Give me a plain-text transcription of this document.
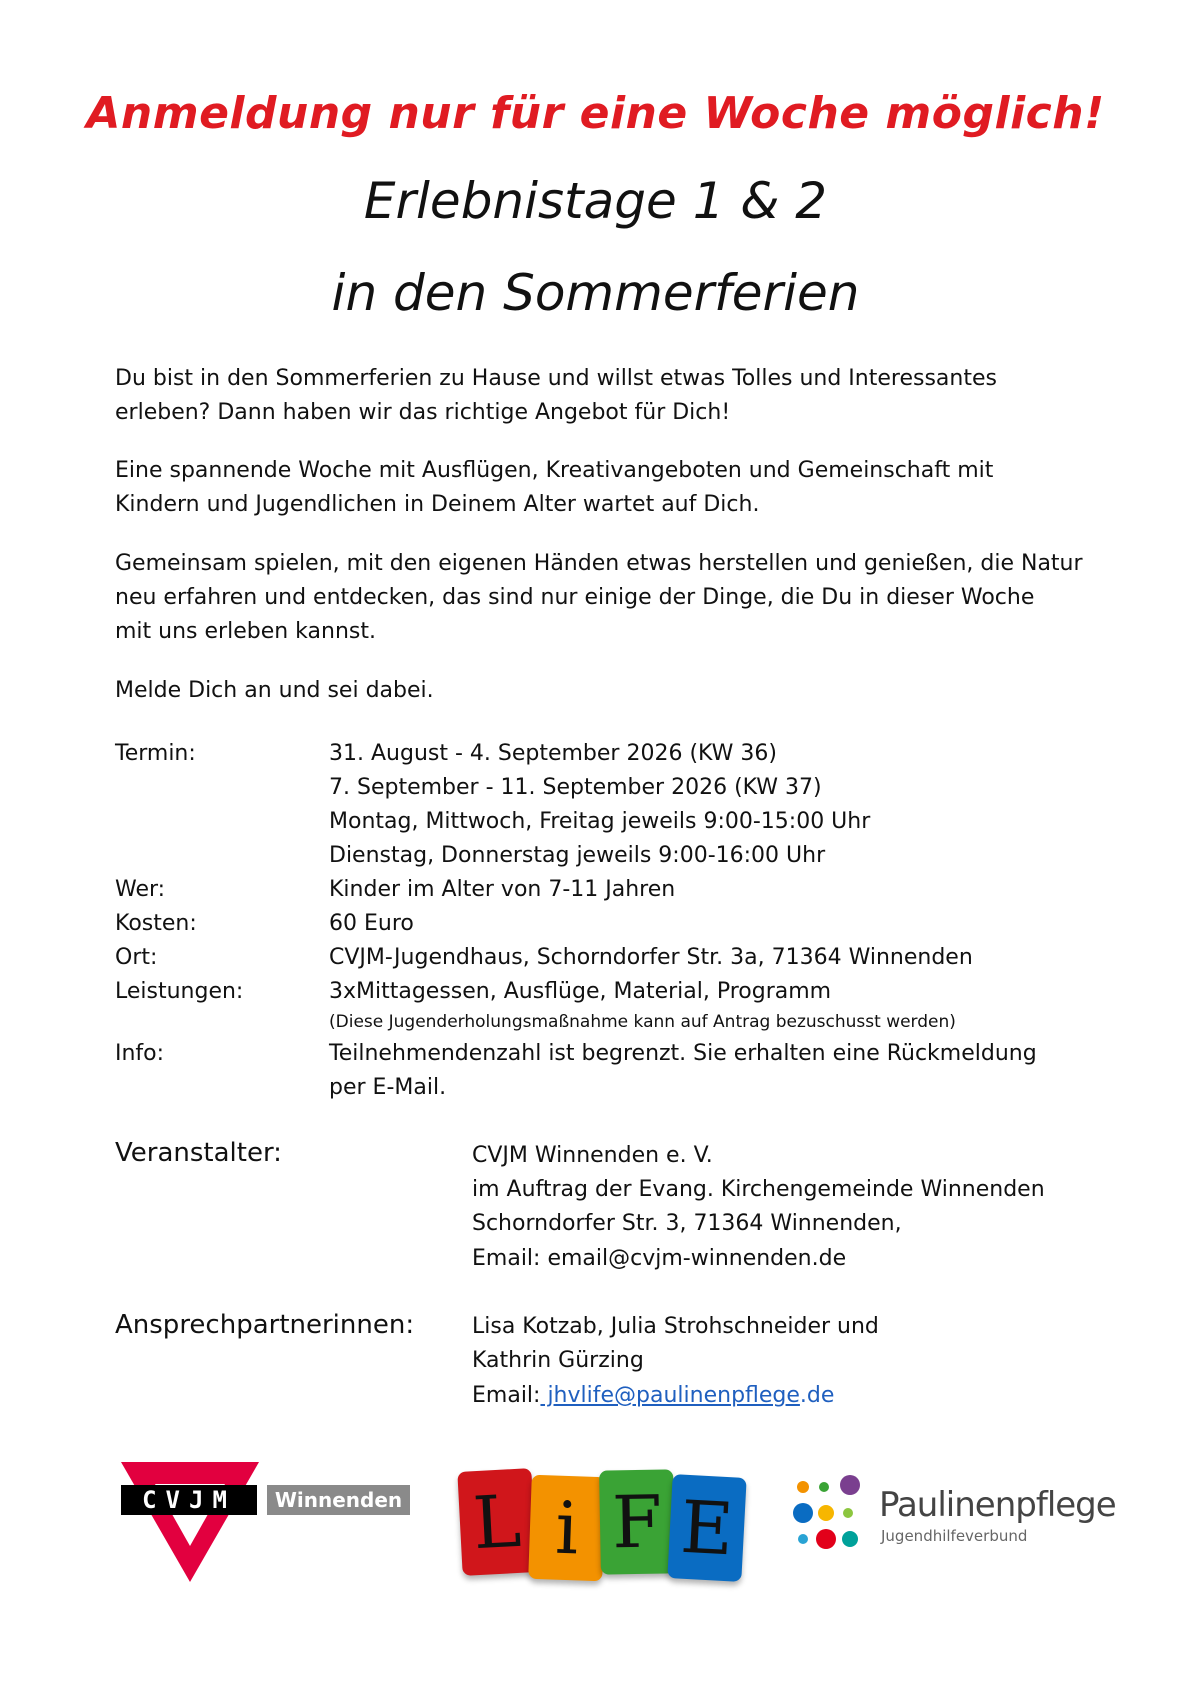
Anmeldung nur für eine Woche möglich!
Erlebnistage 1 & 2
in den Sommerferien
Du bist in den Sommerferien zu Hause und willst etwas Tolles und Interessantes
erleben? Dann haben wir das richtige Angebot für Dich!
Eine spannende Woche mit Ausflügen, Kreativangeboten und Gemeinschaft mit
Kindern und Jugendlichen in Deinem Alter wartet auf Dich.
Gemeinsam spielen, mit den eigenen Händen etwas herstellen und genießen, die Natur
neu erfahren und entdecken, das sind nur einige der Dinge, die Du in dieser Woche
mit uns erleben kannst.
Melde Dich an und sei dabei.
Termin:	31. August - 4. September 2026 (KW 36)
7. September - 11. September 2026 (KW 37)
Montag, Mittwoch, Freitag jeweils 9:00-15:00 Uhr
Dienstag, Donnerstag jeweils 9:00-16:00 Uhr
Wer:	Kinder im Alter von 7-11 Jahren
Kosten:	60 Euro
Ort:	CVJM-Jugendhaus, Schorndorfer Str. 3a, 71364 Winnenden
Leistungen:	3xMittagessen, Ausflüge, Material, Programm
(Diese Jugenderholungsmaßnahme kann auf Antrag bezuschusst werden)
Info:	Teilnehmendenzahl ist begrenzt. Sie erhalten eine Rückmeldung
per E-Mail.
Veranstalter:	CVJM Winnenden e. V.
im Auftrag der Evang. Kirchengemeinde Winnenden
Schorndorfer Str. 3, 71364 Winnenden,
Email: email@cvjm-winnenden.de
Ansprechpartnerinnen:	Lisa Kotzab, Julia Strohschneider und
Kathrin Gürzing
Email: jhvlife@paulinenpflege.de
CVJM	Winnenden L i F E	Paulinenpflege
Jugendhilfeverbund
